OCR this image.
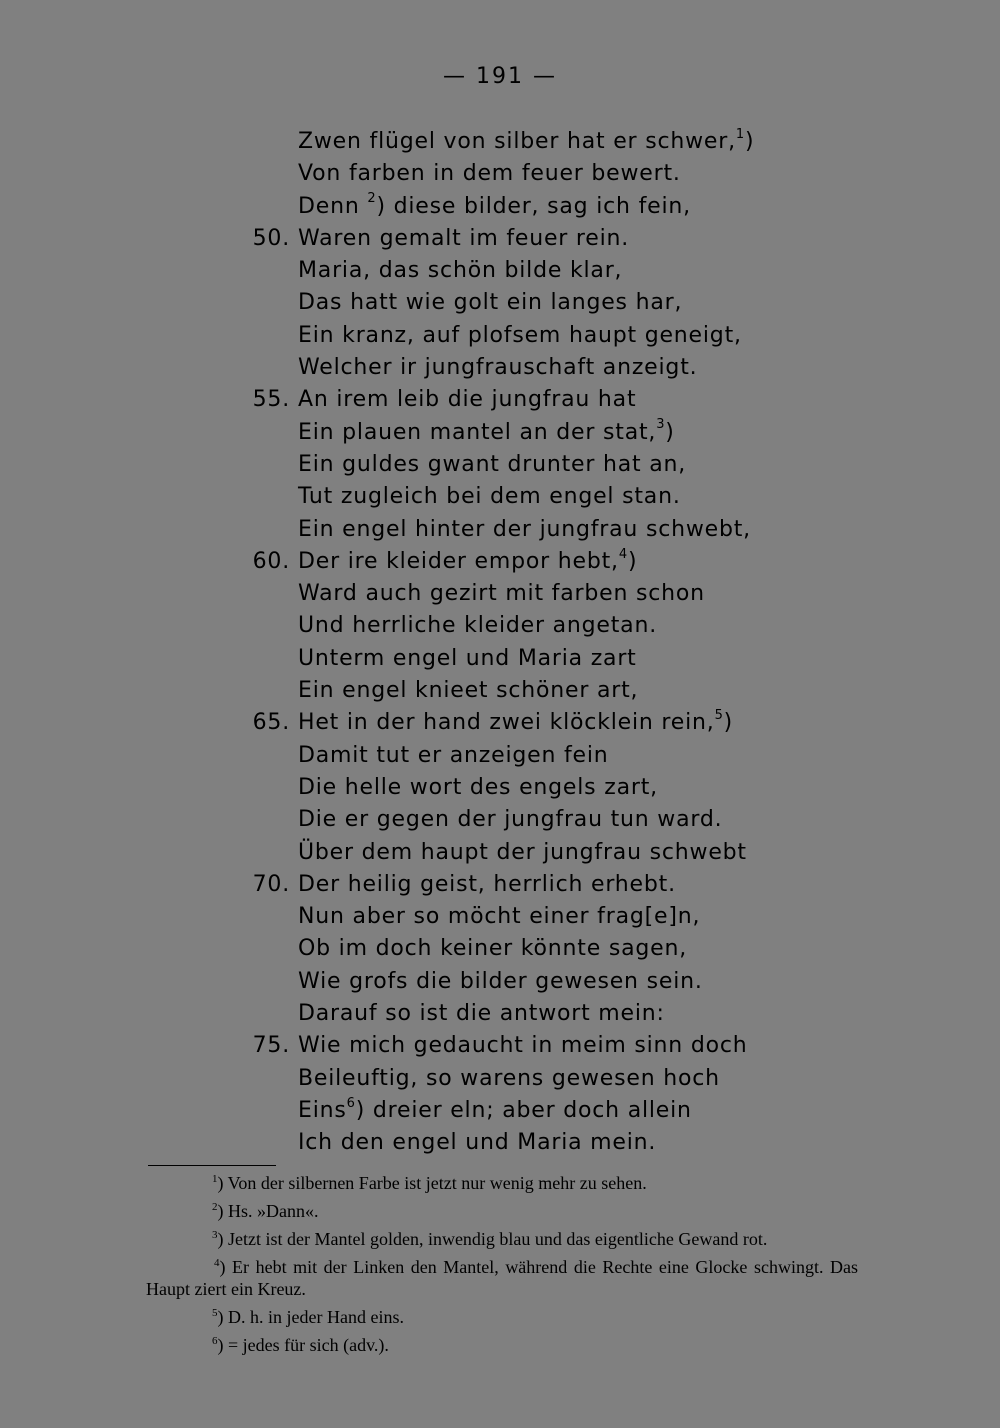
— 191 —
Zwen flügel von silber hat er schwer,$^1$)
Von farben in dem feuer bewert.
Denn $^2$) diese bilder, sag ich fein,
50. Waren gemalt im feuer rein.
Maria, das schön bilde klar,
Das hatt wie golt ein langes har,
Ein kranz, auf plofsem haupt geneigt,
Welcher ir jungfrauschaft anzeigt.
55. An irem leib die jungfrau hat
Ein plauen mantel an der stat,$^3$)
Ein guldes gwant drunter hat an,
Tut zugleich bei dem engel stan.
Ein engel hinter der jungfrau schwebt,
60. Der ire kleider empor hebt,$^4$)
Ward auch gezirt mit farben schon
Und herrliche kleider angetan.
Unterm engel und Maria zart
Ein engel knieet schöner art,
65. Het in der hand zwei klöcklein rein,$^5$)
Damit tut er anzeigen fein
Die helle wort des engels zart,
Die er gegen der jungfrau tun ward.
Über dem haupt der jungfrau schwebt
70. Der heilig geist, herrlich erhebt.
Nun aber so möcht einer frag[e]n,
Ob im doch keiner könnte sagen,
Wie grofs die bilder gewesen sein.
Darauf so ist die antwort mein:
75. Wie mich gedaucht in meim sinn doch
Beileuftig, so warens gewesen hoch
Eins$^6$) dreier eln; aber doch allein
Ich den engel und Maria mein.
$^1$) Von der silbernen Farbe ist jetzt nur wenig mehr zu sehen.
$^2$) Hs. »Dann«.
$^3$) Jetzt ist der Mantel golden, inwendig blau und das eigentliche Gewand rot.
$^4$) Er hebt mit der Linken den Mantel, während die Rechte eine Glocke schwingt. Das Haupt ziert ein Kreuz.
$^5$) D. h. in jeder Hand eins.
$^6$) = jedes für sich (adv.).
